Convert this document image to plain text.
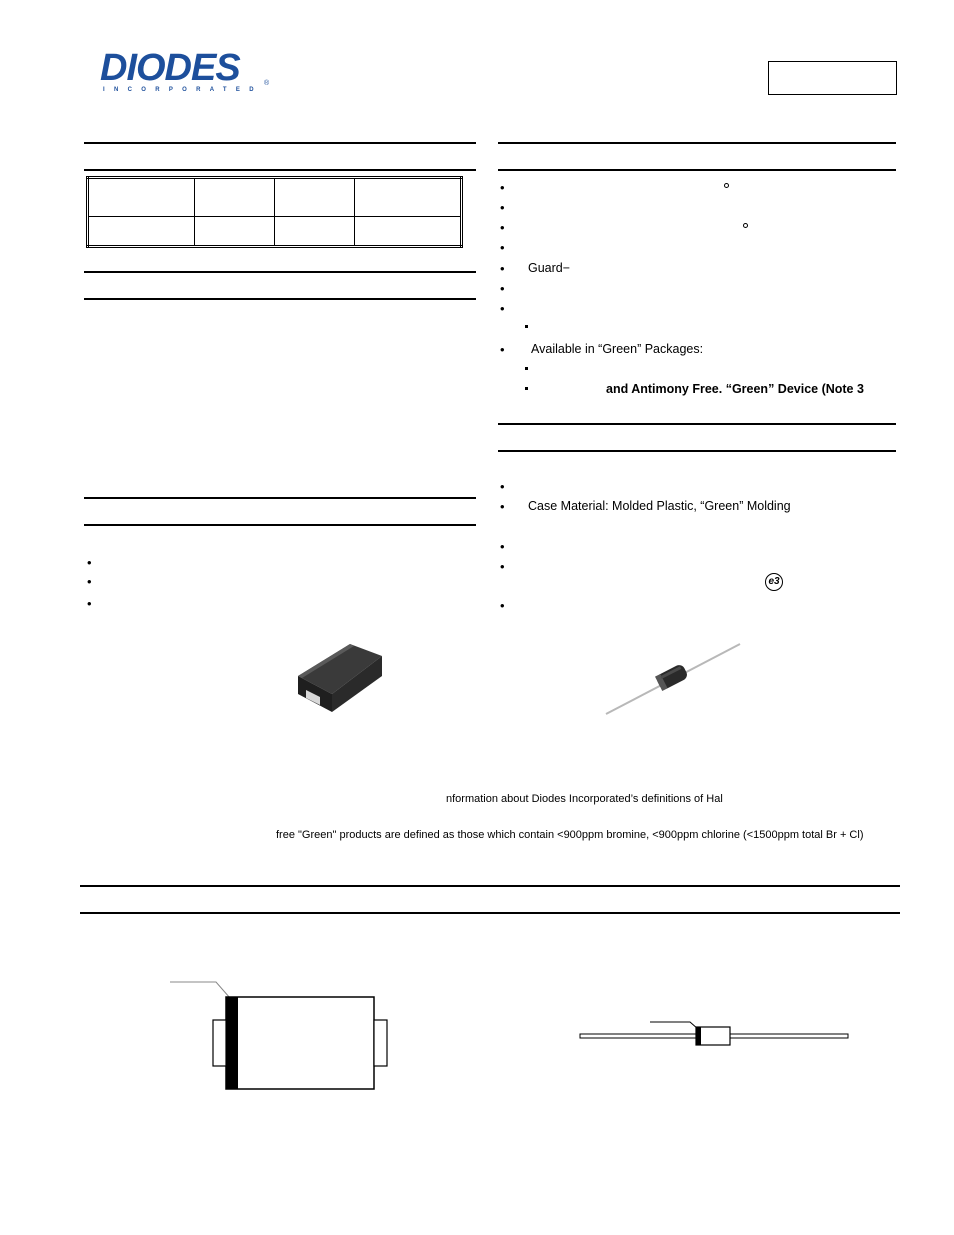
DIODES
INCORPORATED
®

•
•
•
•
•
•
•
• Guard−
•
•
• Available in “Green” Packages:
and Antimony Free. “Green” Device (Note 3
•
• Case Material: Molded Plastic, “Green” Molding
•
•
e3
•
nformation about Diodes Incorporated’s definitions of Hal
free "Green" products are defined as those which contain <900ppm bromine, <900ppm chlorine (<1500ppm total Br + Cl)
